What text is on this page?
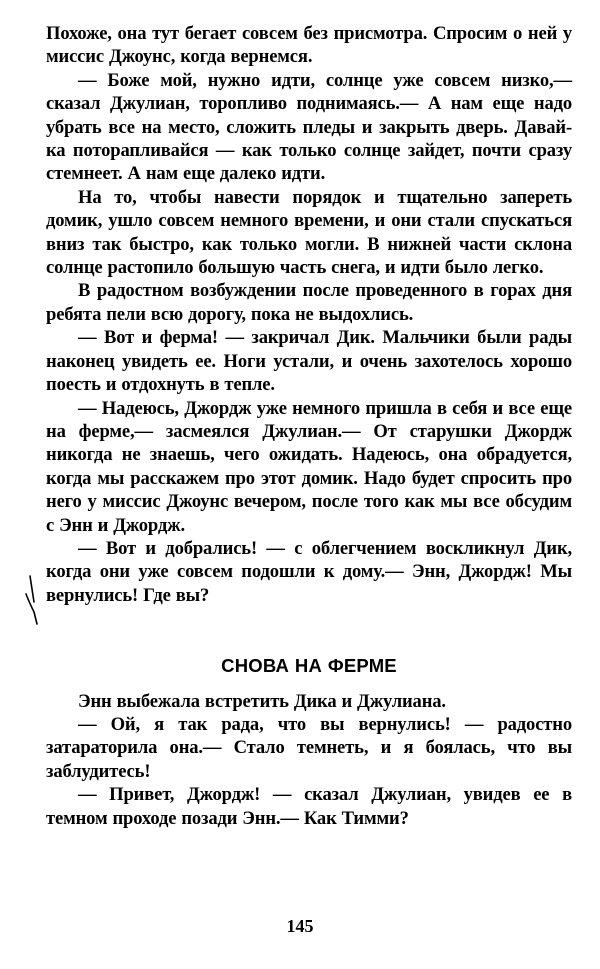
Похоже, она тут бегает совсем без присмотра. Спросим о ней у миссис Джоунс, когда вернемся.

— Боже мой, нужно идти, солнце уже совсем низко,— сказал Джулиан, торопливо поднимаясь.— А нам еще надо убрать все на место, сложить пледы и закрыть дверь. Давай-ка поторапливайся — как только солнце зайдет, почти сразу стемнеет. А нам еще далеко идти.

На то, чтобы навести порядок и тщательно запереть домик, ушло совсем немного времени, и они стали спускаться вниз так быстро, как только могли. В нижней части склона солнце растопило большую часть снега, и идти было легко.

В радостном возбуждении после проведенного в горах дня ребята пели всю дорогу, пока не выдохлись.

— Вот и ферма! — закричал Дик. Мальчики были рады наконец увидеть ее. Ноги устали, и очень захотелось хорошо поесть и отдохнуть в тепле.

— Надеюсь, Джордж уже немного пришла в себя и все еще на ферме,— засмеялся Джулиан.— От старушки Джордж никогда не знаешь, чего ожидать. Надеюсь, она обрадуется, когда мы расскажем про этот домик. Надо будет спросить про него у миссис Джоунс вечером, после того как мы все обсудим с Энн и Джордж.

— Вот и добрались! — с облегчением воскликнул Дик, когда они уже совсем подошли к дому.— Энн, Джордж! Мы вернулись! Где вы?

СНОВА НА ФЕРМЕ

Энн выбежала встретить Дика и Джулиана.

— Ой, я так рада, что вы вернулись! — радостно затараторила она.— Стало темнеть, и я боялась, что вы заблудитесь!

— Привет, Джордж! — сказал Джулиан, увидев ее в темном проходе позади Энн.— Как Тимми?

145
